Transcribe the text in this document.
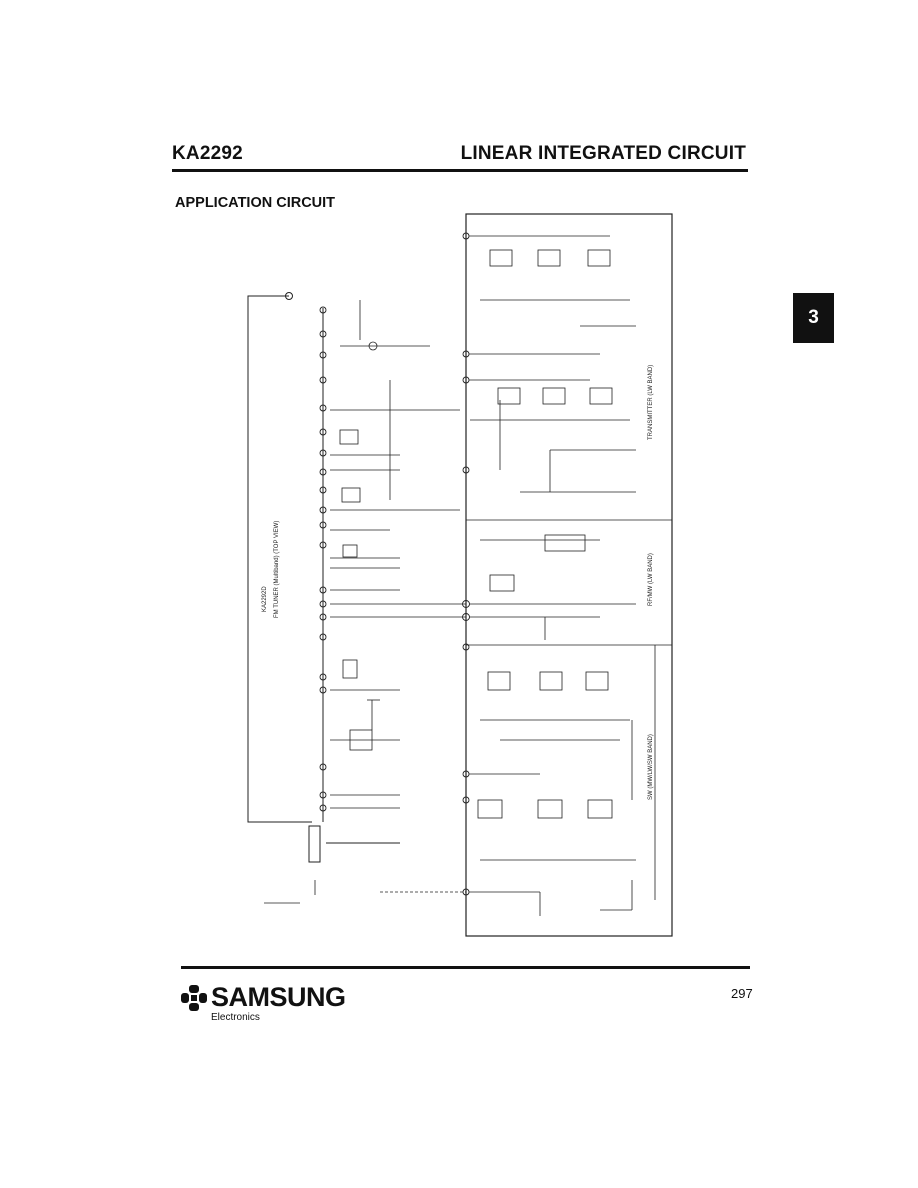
KA2292	LINEAR INTEGRATED CIRCUIT
APPLICATION CIRCUIT
3
KA2292D FM TUNER (Multiband) (TOP VIEW)
TRANSMITTER (LW BAND)
RF/MW (LW BAND)
SW (MW/LW/SW BAND)
SAMSUNG
Electronics
297
